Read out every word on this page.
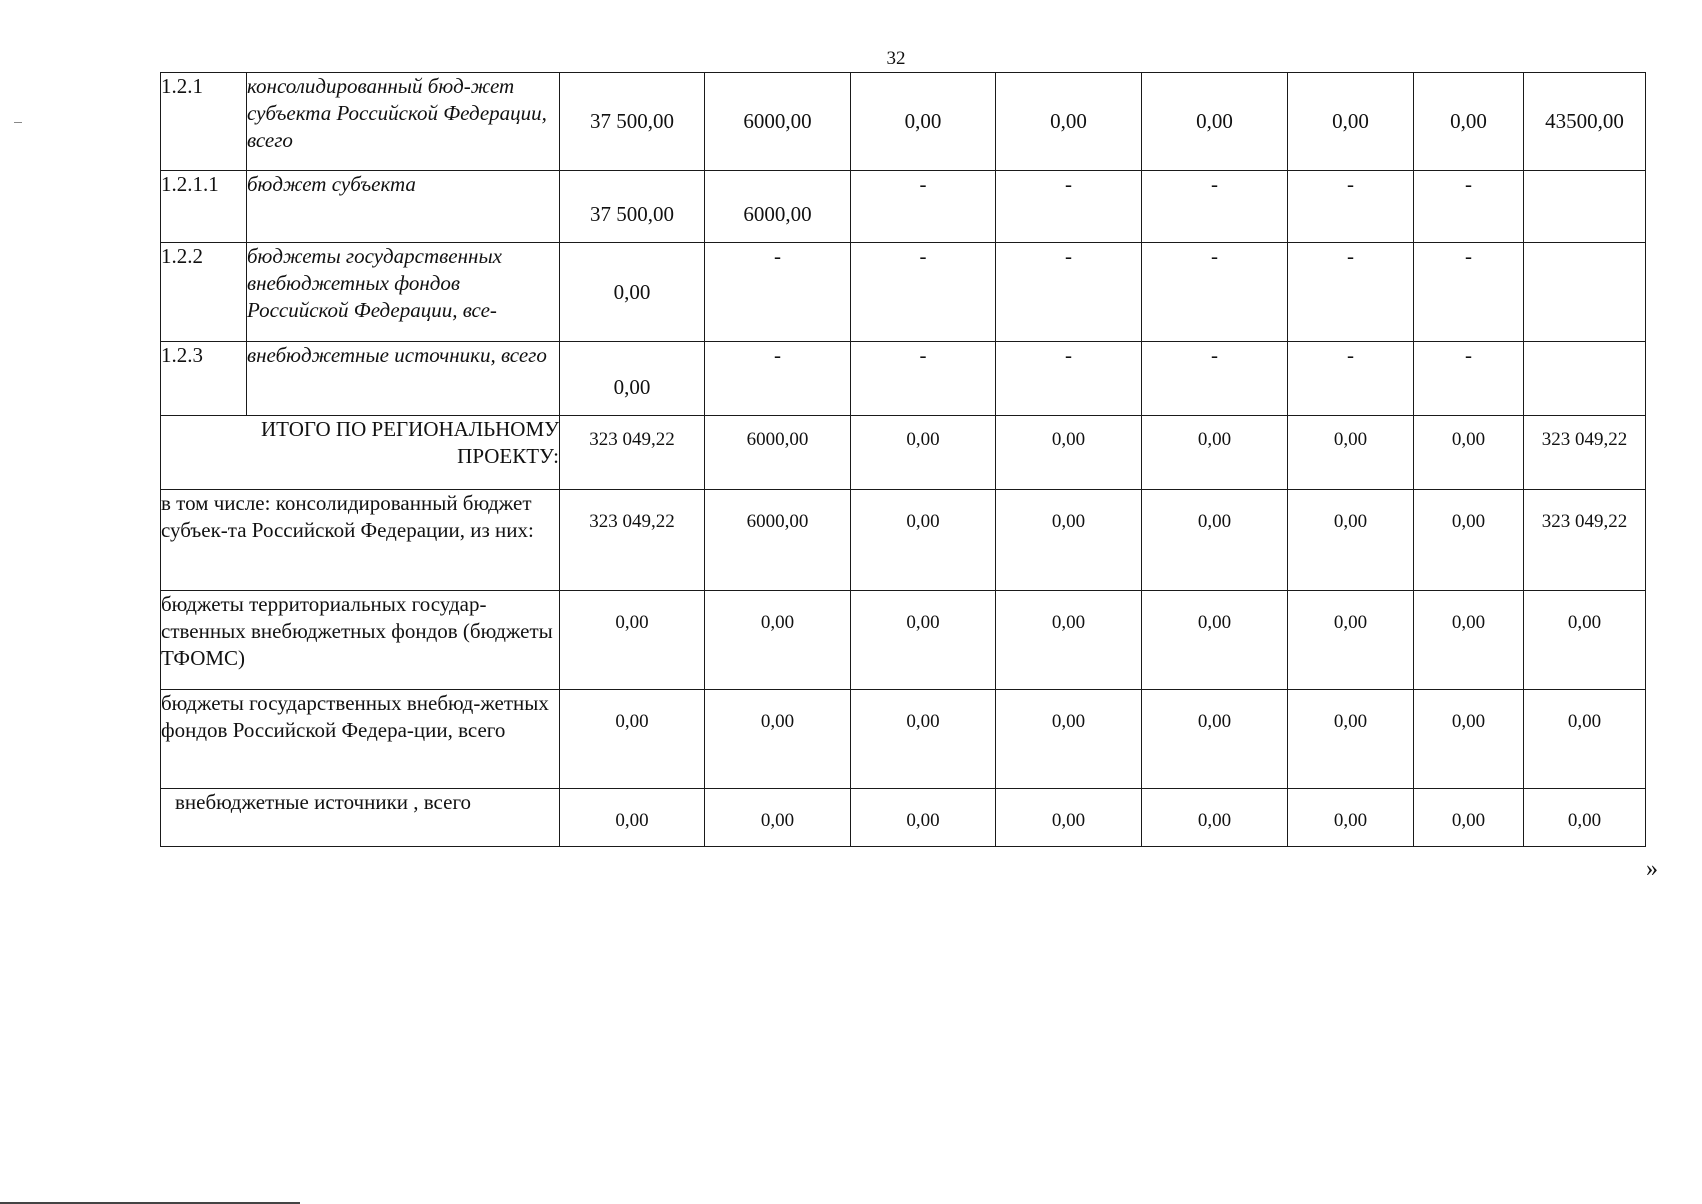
32
1.2.1	консолидированный бюд-жет субъекта Российской Федерации, всего	37 500,00	6000,00	0,00	0,00	0,00	0,00	0,00	43500,00
1.2.1.1	бюджет субъекта	37 500,00	6000,00	-	-	-	-	-	
1.2.2	бюджеты государственных внебюджетных фондов Российской Федерации, все-	0,00	-	-	-	-	-	-	
1.2.3	внебюджетные источники, всего	0,00	-	-	-	-	-	-	
ИТОГО ПО РЕГИОНАЛЬНОМУ ПРОЕКТУ:		323 049,22	6000,00	0,00	0,00	0,00	0,00	0,00	323 049,22
в том числе: консолидированный бюджет субъек-та Российской Федерации, из них:		323 049,22	6000,00	0,00	0,00	0,00	0,00	0,00	323 049,22
бюджеты территориальных государ-ственных внебюджетных фондов (бюджеты ТФОМС)		0,00	0,00	0,00	0,00	0,00	0,00	0,00	0,00
бюджеты государственных внебюд-жетных фондов Российской Федера-ции, всего		0,00	0,00	0,00	0,00	0,00	0,00	0,00	0,00
внебюджетные источники , всего		0,00	0,00	0,00	0,00	0,00	0,00	0,00	0,00
»
